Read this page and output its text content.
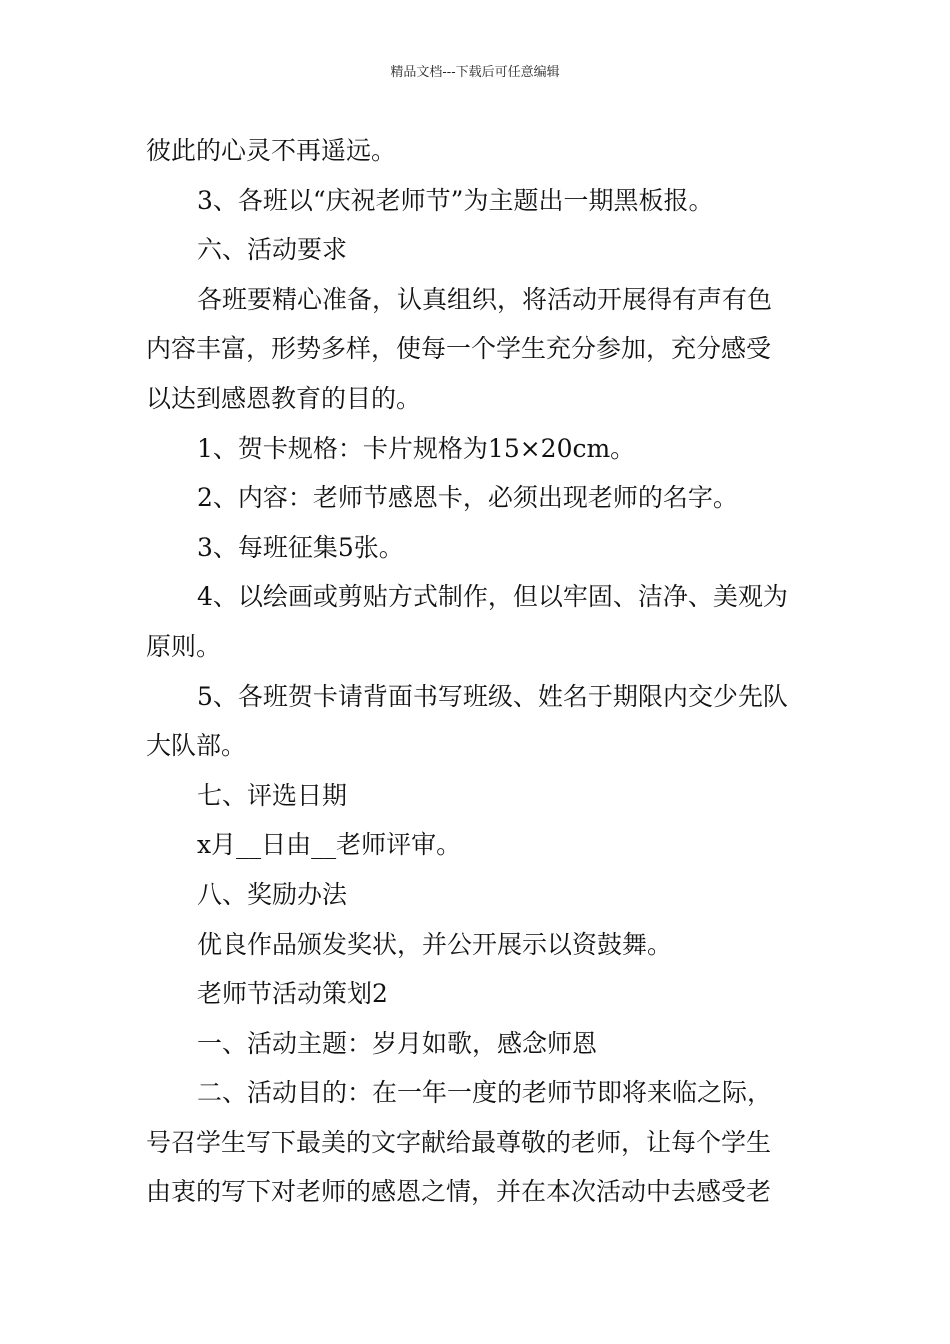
精品文档---下载后可任意编辑
彼此的心灵不再遥远。
3、各班以“庆祝老师节”为主题出一期黑板报。
六、活动要求
各班要精心准备，认真组织，将活动开展得有声有色
内容丰富，形势多样，使每一个学生充分参加，充分感受
以达到感恩教育的目的。
1、贺卡规格：卡片规格为15×20cm。
2、内容：老师节感恩卡，必须出现老师的名字。
3、每班征集5张。
4、以绘画或剪贴方式制作，但以牢固、洁净、美观为
原则。
5、各班贺卡请背面书写班级、姓名于期限内交少先队
大队部。
七、评选日期
x月__日由__老师评审。
八、奖励办法
优良作品颁发奖状，并公开展示以资鼓舞。
老师节活动策划2
一、活动主题：岁月如歌，感念师恩
二、活动目的：在一年一度的老师节即将来临之际，
号召学生写下最美的文字献给最尊敬的老师，让每个学生
由衷的写下对老师的感恩之情，并在本次活动中去感受老
